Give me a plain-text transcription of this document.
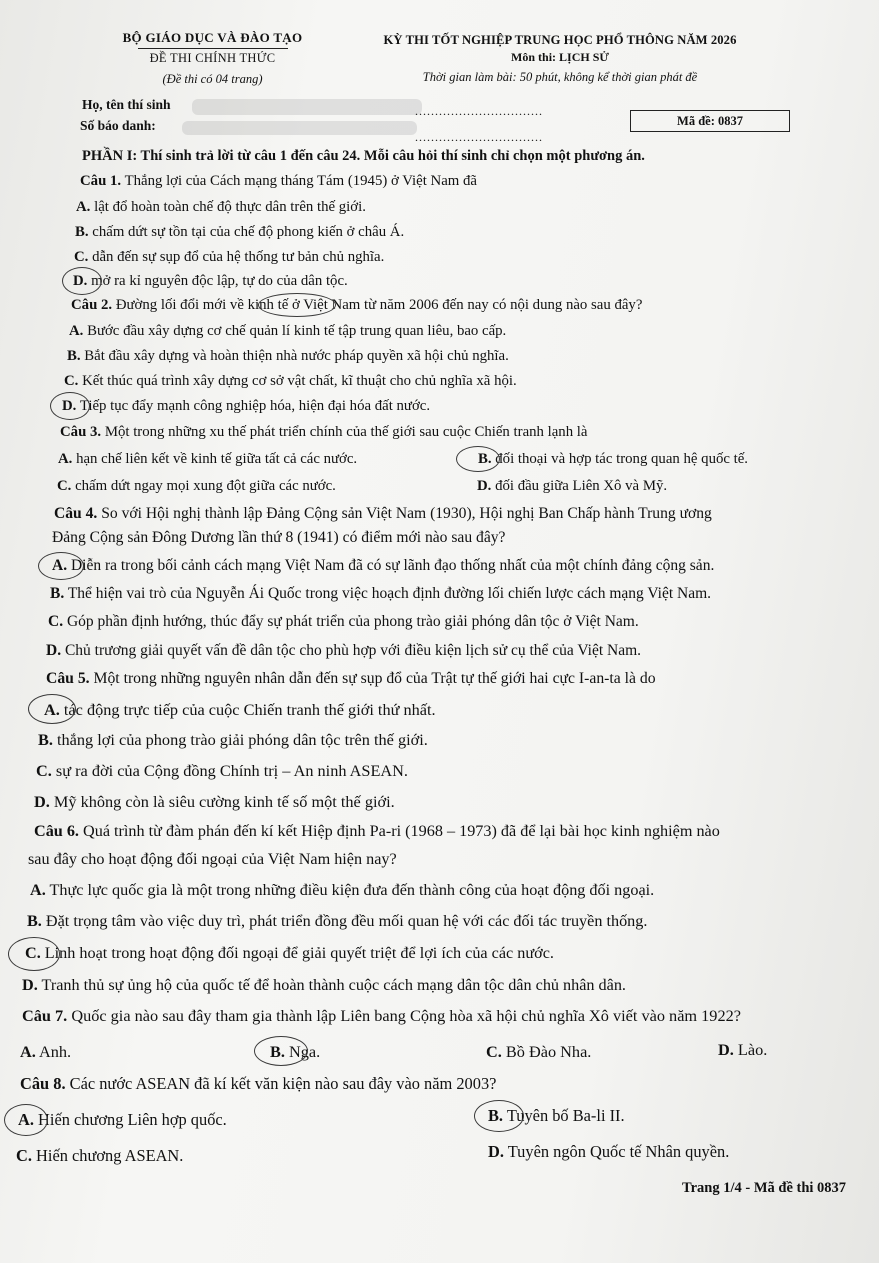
BỘ GIÁO DỤC VÀ ĐÀO TẠO
ĐỀ THI CHÍNH THỨC
(Đề thi có 04 trang)
KỲ THI TỐT NGHIỆP TRUNG HỌC PHỔ THÔNG NĂM 2026
Môn thi: LỊCH SỬ
Thời gian làm bài: 50 phút, không kể thời gian phát đề
Họ, tên thí sinh	................................
Số báo danh:
................................
Mã đề: 0837
PHẦN I: Thí sinh trả lời từ câu 1 đến câu 24. Mỗi câu hỏi thí sinh chỉ chọn một phương án.
Câu 1. Thắng lợi của Cách mạng tháng Tám (1945) ở Việt Nam đã
A. lật đổ hoàn toàn chế độ thực dân trên thế giới.
B. chấm dứt sự tồn tại của chế độ phong kiến ở châu Á.
C. dẫn đến sự sụp đổ của hệ thống tư bản chủ nghĩa.
D. mở ra kỉ nguyên độc lập, tự do của dân tộc.
Câu 2. Đường lối đổi mới về kinh tế ở Việt Nam từ năm 2006 đến nay có nội dung nào sau đây?
A. Bước đầu xây dựng cơ chế quản lí kinh tế tập trung quan liêu, bao cấp.
B. Bắt đầu xây dựng và hoàn thiện nhà nước pháp quyền xã hội chủ nghĩa.
C. Kết thúc quá trình xây dựng cơ sở vật chất, kĩ thuật cho chủ nghĩa xã hội.
D. Tiếp tục đẩy mạnh công nghiệp hóa, hiện đại hóa đất nước.
Câu 3. Một trong những xu thế phát triển chính của thế giới sau cuộc Chiến tranh lạnh là
A. hạn chế liên kết về kinh tế giữa tất cả các nước.	B. đối thoại và hợp tác trong quan hệ quốc tế.
C. chấm dứt ngay mọi xung đột giữa các nước.	D. đối đầu giữa Liên Xô và Mỹ.
Câu 4. So với Hội nghị thành lập Đảng Cộng sản Việt Nam (1930), Hội nghị Ban Chấp hành Trung ương
Đảng Cộng sản Đông Dương lần thứ 8 (1941) có điểm mới nào sau đây?
A. Diễn ra trong bối cảnh cách mạng Việt Nam đã có sự lãnh đạo thống nhất của một chính đảng cộng sản.
B. Thể hiện vai trò của Nguyễn Ái Quốc trong việc hoạch định đường lối chiến lược cách mạng Việt Nam.
C. Góp phần định hướng, thúc đẩy sự phát triển của phong trào giải phóng dân tộc ở Việt Nam.
D. Chủ trương giải quyết vấn đề dân tộc cho phù hợp với điều kiện lịch sử cụ thể của Việt Nam.
Câu 5. Một trong những nguyên nhân dẫn đến sự sụp đổ của Trật tự thế giới hai cực I-an-ta là do
A. tác động trực tiếp của cuộc Chiến tranh thế giới thứ nhất.
B. thắng lợi của phong trào giải phóng dân tộc trên thế giới.
C. sự ra đời của Cộng đồng Chính trị – An ninh ASEAN.
D. Mỹ không còn là siêu cường kinh tế số một thế giới.
Câu 6. Quá trình từ đàm phán đến kí kết Hiệp định Pa-ri (1968 – 1973) đã để lại bài học kinh nghiệm nào
sau đây cho hoạt động đối ngoại của Việt Nam hiện nay?
A. Thực lực quốc gia là một trong những điều kiện đưa đến thành công của hoạt động đối ngoại.
B. Đặt trọng tâm vào việc duy trì, phát triển đồng đều mối quan hệ với các đối tác truyền thống.
C. Linh hoạt trong hoạt động đối ngoại để giải quyết triệt để lợi ích của các nước.
D. Tranh thủ sự ủng hộ của quốc tế để hoàn thành cuộc cách mạng dân tộc dân chủ nhân dân.
Câu 7. Quốc gia nào sau đây tham gia thành lập Liên bang Cộng hòa xã hội chủ nghĩa Xô viết vào năm 1922?
A. Anh.	B. Nga.	C. Bồ Đào Nha.	D. Lào.
Câu 8. Các nước ASEAN đã kí kết văn kiện nào sau đây vào năm 2003?
A. Hiến chương Liên hợp quốc.	B. Tuyên bố Ba-li II.
C. Hiến chương ASEAN.	D. Tuyên ngôn Quốc tế Nhân quyền.
Trang 1/4 - Mã đề thi 0837
